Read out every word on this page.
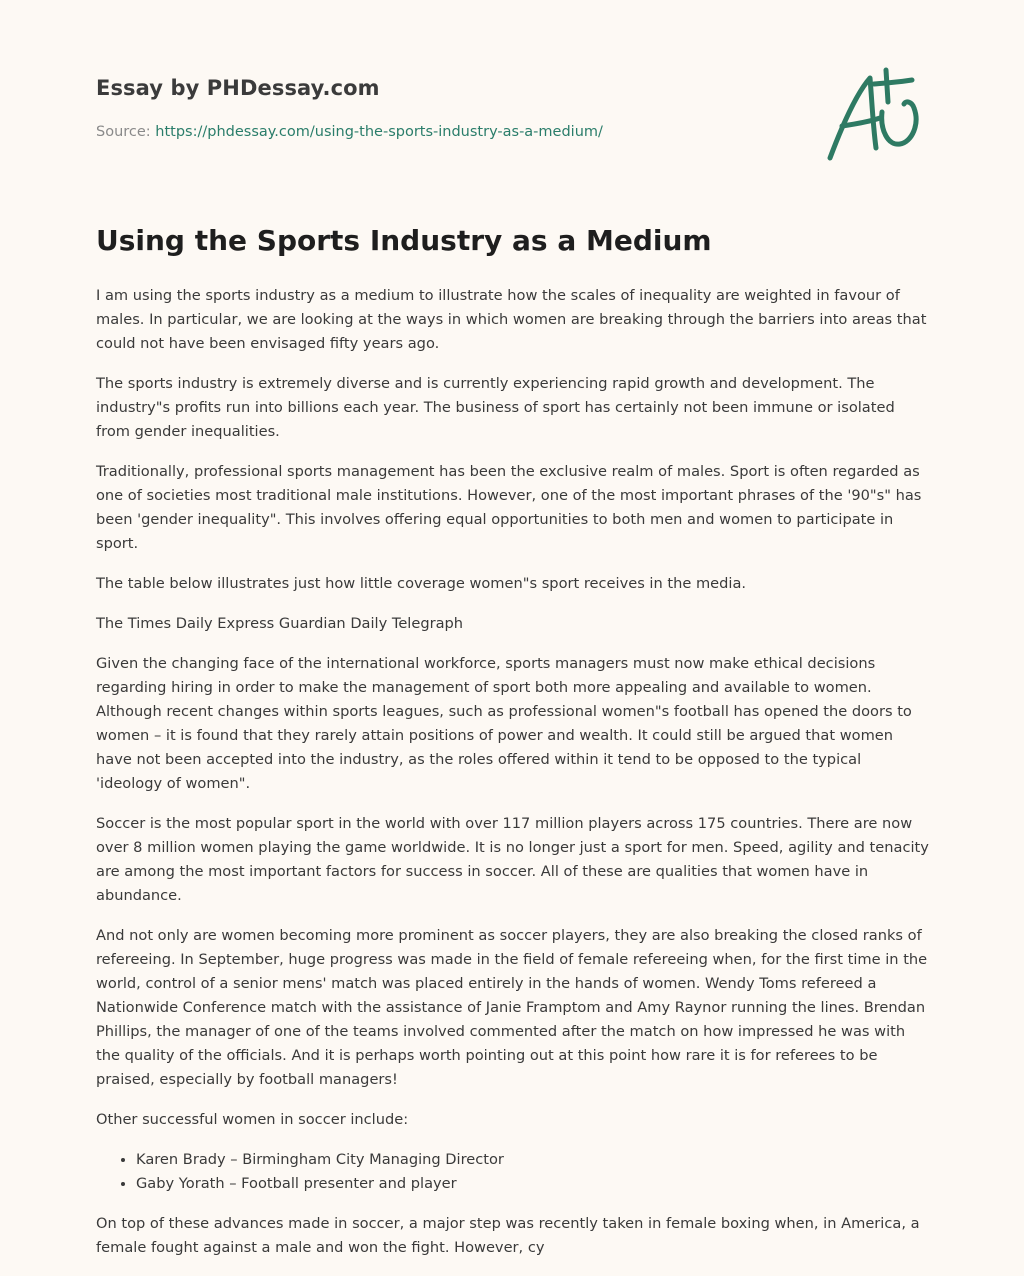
Essay by PHDessay.com
Source: https://phdessay.com/using-the-sports-industry-as-a-medium/
Using the Sports Industry as a Medium

I am using the sports industry as a medium to illustrate how the scales of inequality are weighted in favour of males. In particular, we are looking at the ways in which women are breaking through the barriers into areas that could not have been envisaged fifty years ago.

The sports industry is extremely diverse and is currently experiencing rapid growth and development. The industry"s profits run into billions each year. The business of sport has certainly not been immune or isolated from gender inequalities.

Traditionally, professional sports management has been the exclusive realm of males. Sport is often regarded as one of societies most traditional male institutions. However, one of the most important phrases of the '90"s" has been 'gender inequality". This involves offering equal opportunities to both men and women to participate in sport.

The table below illustrates just how little coverage women"s sport receives in the media.

The Times Daily Express Guardian Daily Telegraph

Given the changing face of the international workforce, sports managers must now make ethical decisions regarding hiring in order to make the management of sport both more appealing and available to women. Although recent changes within sports leagues, such as professional women"s football has opened the doors to women – it is found that they rarely attain positions of power and wealth. It could still be argued that women have not been accepted into the industry, as the roles offered within it tend to be opposed to the typical 'ideology of women".

Soccer is the most popular sport in the world with over 117 million players across 175 countries. There are now over 8 million women playing the game worldwide. It is no longer just a sport for men. Speed, agility and tenacity are among the most important factors for success in soccer. All of these are qualities that women have in abundance.

And not only are women becoming more prominent as soccer players, they are also breaking the closed ranks of refereeing. In September, huge progress was made in the field of female refereeing when, for the first time in the world, control of a senior mens' match was placed entirely in the hands of women. Wendy Toms refereed a Nationwide Conference match with the assistance of Janie Framptom and Amy Raynor running the lines. Brendan Phillips, the manager of one of the teams involved commented after the match on how impressed he was with the quality of the officials. And it is perhaps worth pointing out at this point how rare it is for referees to be praised, especially by football managers!

Other successful women in soccer include:

• Karen Brady – Birmingham City Managing Director
• Gaby Yorath – Football presenter and player

On top of these advances made in soccer, a major step was recently taken in female boxing when, in America, a female fought against a male and won the fight. However, cy
